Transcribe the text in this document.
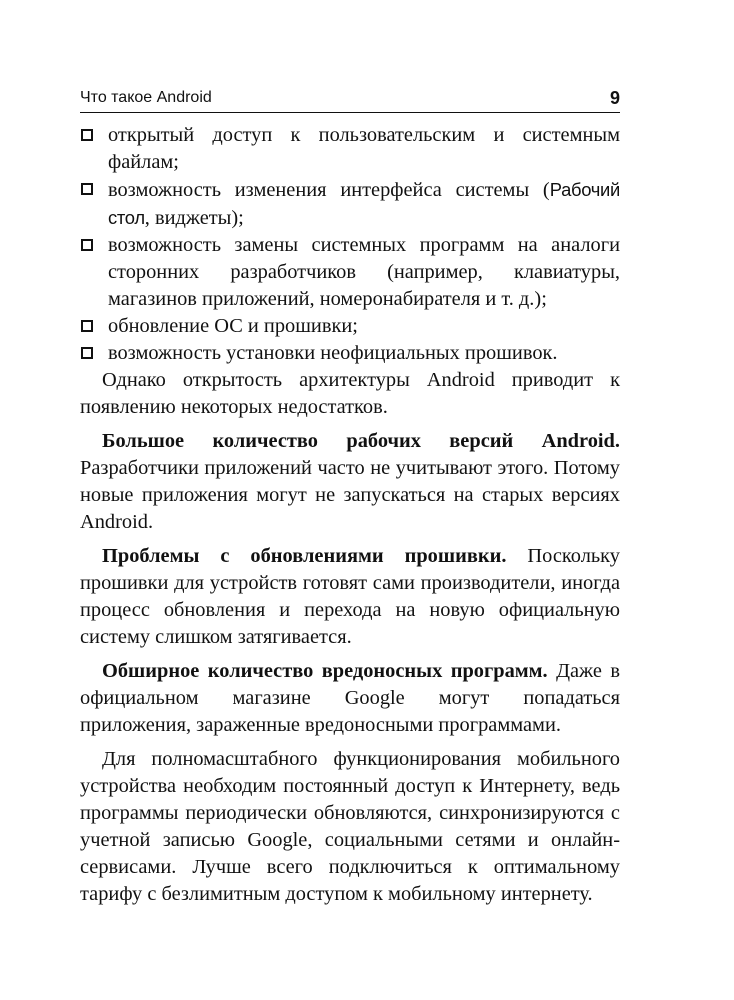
Что такое Android	9
открытый доступ к пользовательским и системным файлам;
возможность изменения интерфейса системы (Рабочий стол, виджеты);
возможность замены системных программ на аналоги сторонних разработчиков (например, клавиатуры, магазинов приложений, номеронабирателя и т. д.);
обновление ОС и прошивки;
возможность установки неофициальных прошивок.

Однако открытость архитектуры Android приводит к появлению некоторых недостатков.

Большое количество рабочих версий Android. Разработчики приложений часто не учитывают этого. Потому новые приложения могут не запускаться на старых версиях Android.

Проблемы с обновлениями прошивки. Поскольку прошивки для устройств готовят сами производители, иногда процесс обновления и перехода на новую официальную систему слишком затягивается.

Обширное количество вредоносных программ. Даже в официальном магазине Google могут попадаться приложения, зараженные вредоносными программами.

Для полномасштабного функционирования мобильного устройства необходим постоянный доступ к Интернету, ведь программы периодически обновляются, синхронизируются с учетной записью Google, социальными сетями и онлайн-сервисами. Лучше всего подключиться к оптимальному тарифу с безлимитным доступом к мобильному интернету.
